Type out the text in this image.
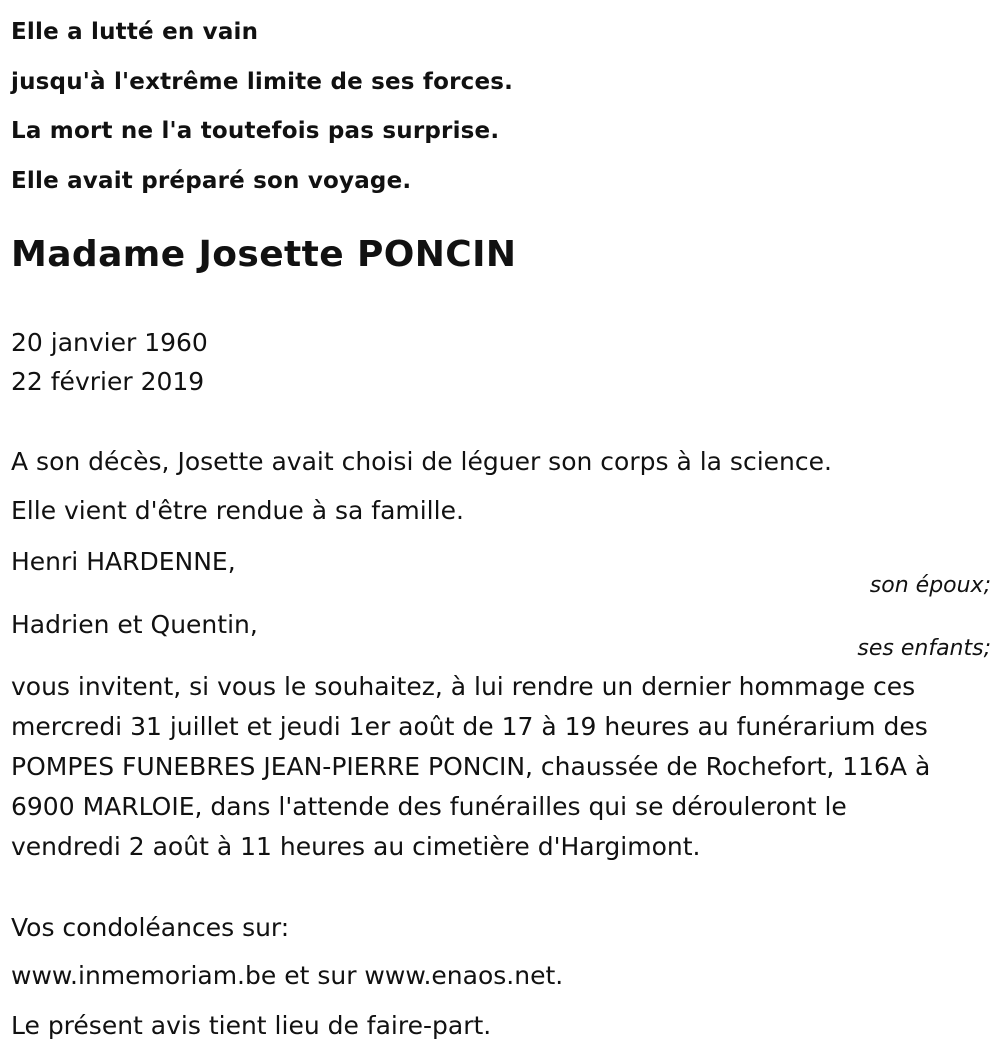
Elle a lutté en vain
jusqu'à l'extrême limite de ses forces.
La mort ne l'a toutefois pas surprise.
Elle avait préparé son voyage.
Madame Josette PONCIN
20 janvier 1960
22 février 2019
A son décès, Josette avait choisi de léguer son corps à la science.
Elle vient d'être rendue à sa famille.
Henri HARDENNE,
son époux;
Hadrien et Quentin,
ses enfants;
vous invitent, si vous le souhaitez, à lui rendre un dernier hommage ces
mercredi 31 juillet et jeudi 1er août de 17 à 19 heures au funérarium des
POMPES FUNEBRES JEAN-PIERRE PONCIN, chaussée de Rochefort, 116A à
6900 MARLOIE, dans l'attende des funérailles qui se dérouleront le
vendredi 2 août à 11 heures au cimetière d'Hargimont.
Vos condoléances sur:
www.inmemoriam.be et sur www.enaos.net.
Le présent avis tient lieu de faire-part.
